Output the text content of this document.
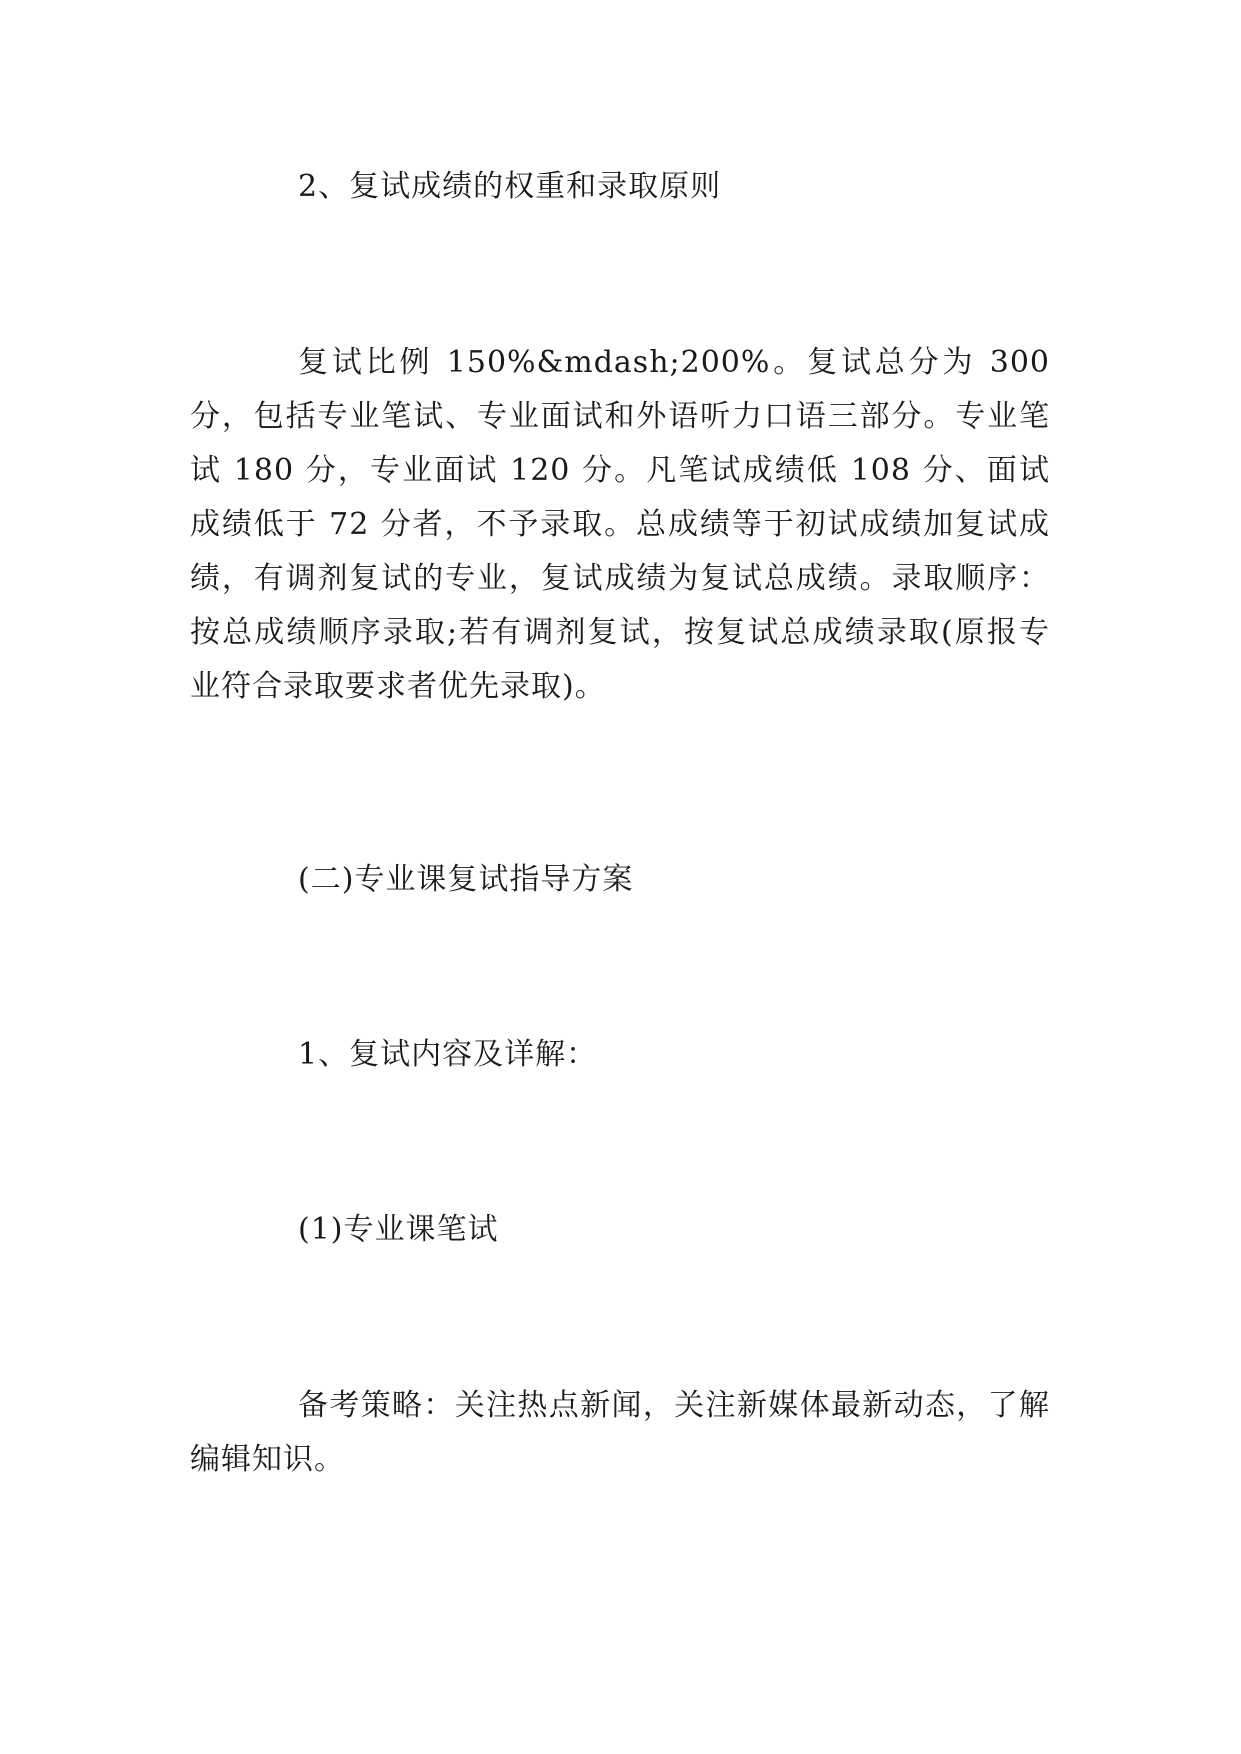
2、复试成绩的权重和录取原则

复试比例 150%&mdash;200%。复试总分为 300 分，包括专业笔试、专业面试和外语听力口语三部分。专业笔试 180 分，专业面试 120 分。凡笔试成绩低 108 分、面试成绩低于 72 分者，不予录取。总成绩等于初试成绩加复试成绩，有调剂复试的专业，复试成绩为复试总成绩。录取顺序：按总成绩顺序录取;若有调剂复试，按复试总成绩录取(原报专业符合录取要求者优先录取)。

(二)专业课复试指导方案

1、复试内容及详解：

(1)专业课笔试

备考策略：关注热点新闻，关注新媒体最新动态，了解编辑知识。
